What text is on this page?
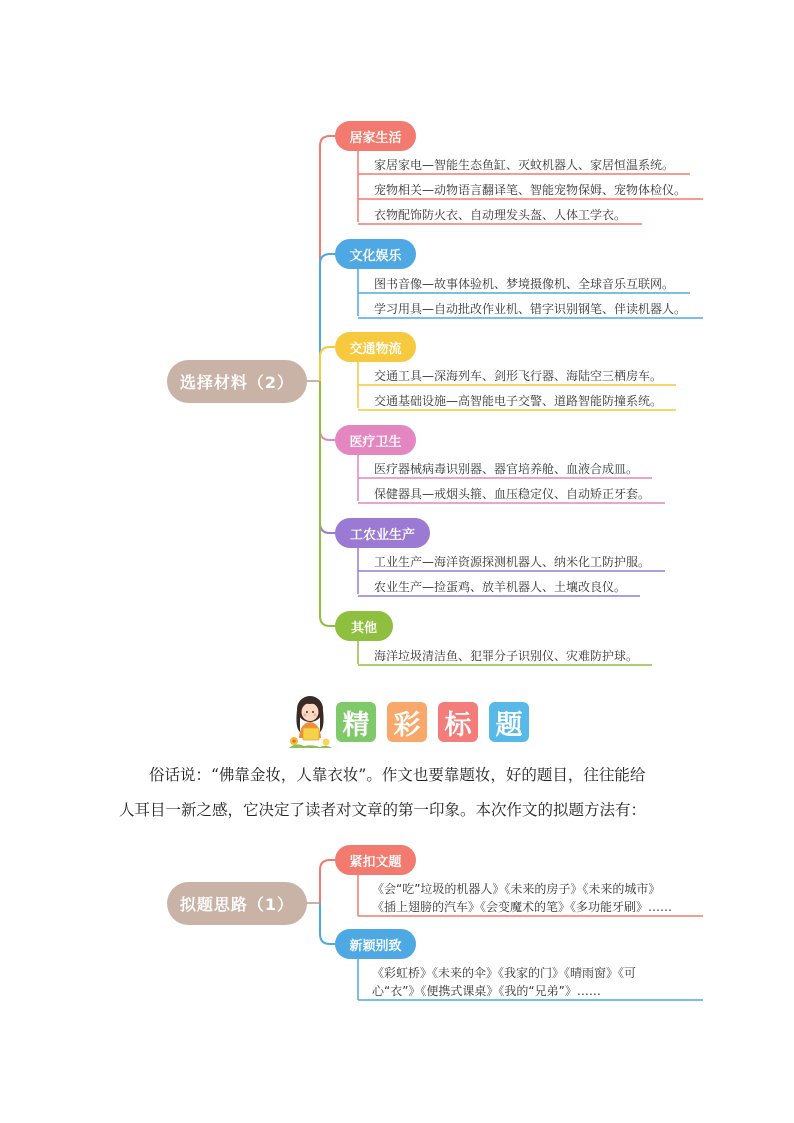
选择材料（2）
居家生活
家居家电—智能生态鱼缸、灭蚊机器人、家居恒温系统。
宠物相关—动物语言翻译笔、智能宠物保姆、宠物体检仪。
衣物配饰防火衣、自动理发头盔、人体工学衣。
文化娱乐
图书音像—故事体验机、梦境摄像机、全球音乐互联网。
学习用具—自动批改作业机、错字识别钢笔、伴读机器人。
交通物流
交通工具—深海列车、剑形飞行器、海陆空三栖房车。
交通基础设施—高智能电子交警、道路智能防撞系统。
医疗卫生
医疗器械病毒识别器、器官培养舱、血液合成皿。
保健器具—戒烟头箍、血压稳定仪、自动矫正牙套。
工农业生产
工业生产—海洋资源探测机器人、纳米化工防护服。
农业生产—捡蛋鸡、放羊机器人、土壤改良仪。
其他
海洋垃圾清洁鱼、犯罪分子识别仪、灾难防护球。
精 彩 标 题
俗话说：“佛靠金妆，人靠衣妆”。作文也要靠题妆，好的题目，往往能给
人耳目一新之感，它决定了读者对文章的第一印象。本次作文的拟题方法有：
拟题思路（1）
紧扣文题
《会“吃”垃圾的机器人》《未来的房子》《未来的城市》
《插上翅膀的汽车》《会变魔术的笔》《多功能牙刷》……
新颖别致
《彩虹桥》《未来的伞》《我家的门》《晴雨窗》《可
心“衣”》《便携式课桌》《我的“兄弟”》……
